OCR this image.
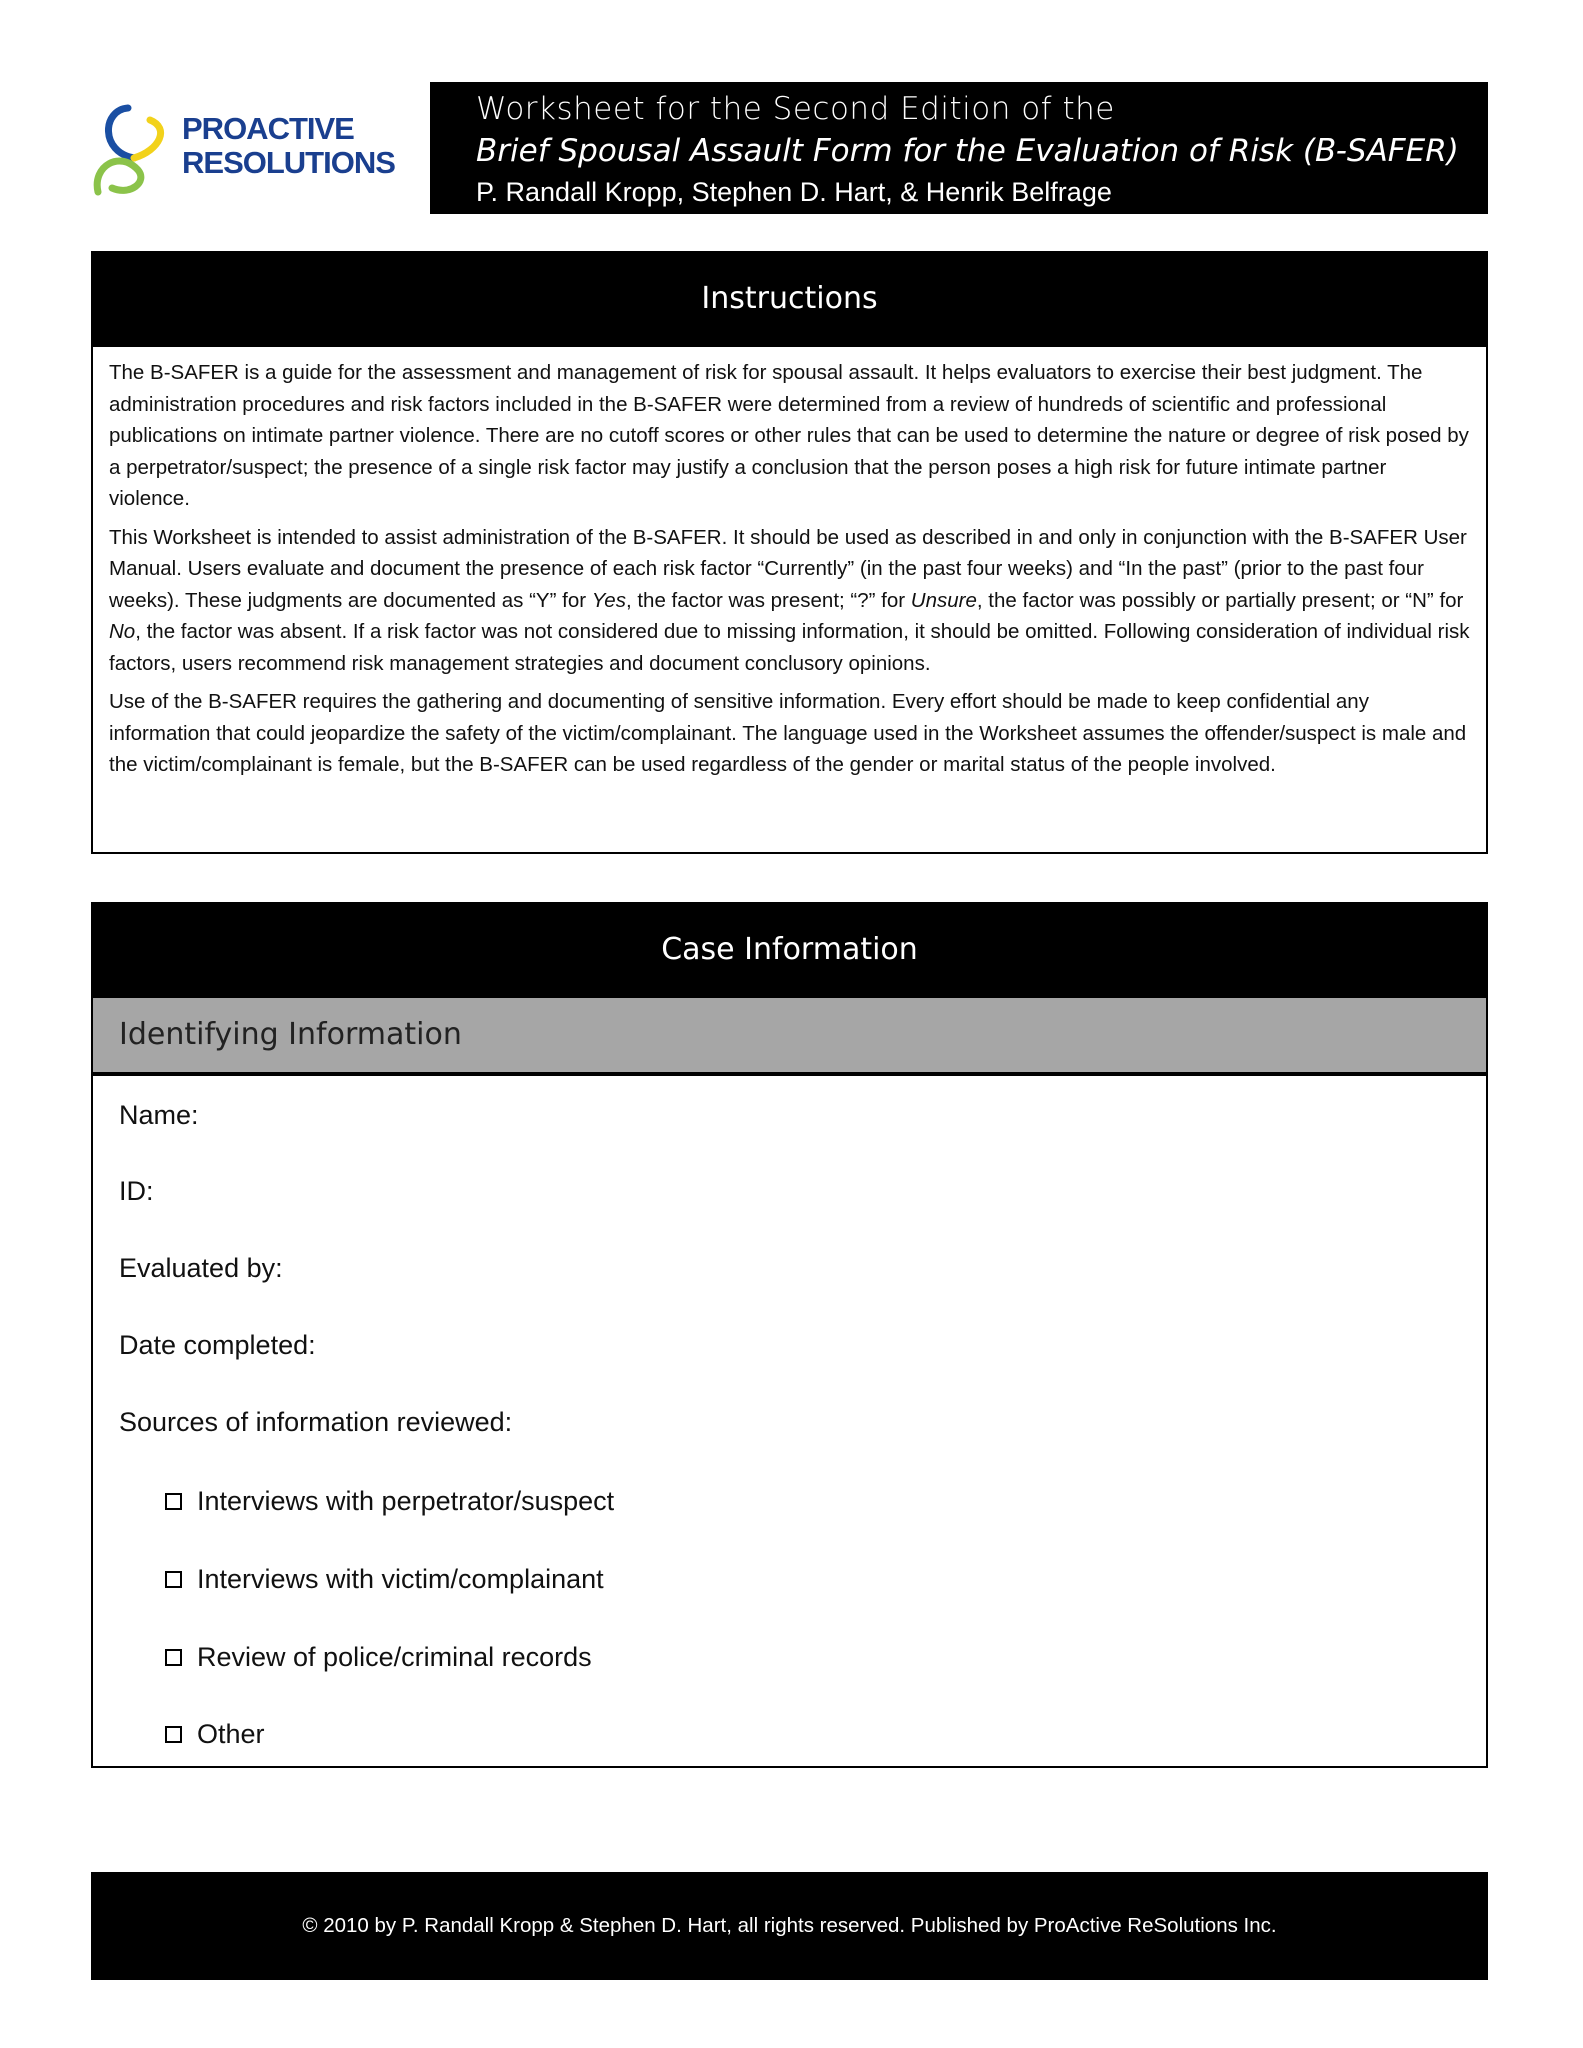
PROACTIVE
RESOLUTIONS
Worksheet for the Second Edition of the
Brief Spousal Assault Form for the Evaluation of Risk (B-SAFER)
P. Randall Kropp, Stephen D. Hart, & Henrik Belfrage
Instructions

The B-SAFER is a guide for the assessment and management of risk for spousal assault. It helps evaluators to exercise their best judgment. The administration procedures and risk factors included in the B-SAFER were determined from a review of hundreds of scientific and professional publications on intimate partner violence. There are no cutoff scores or other rules that can be used to determine the nature or degree of risk posed by a perpetrator/suspect; the presence of a single risk factor may justify a conclusion that the person poses a high risk for future intimate partner violence.

This Worksheet is intended to assist administration of the B-SAFER. It should be used as described in and only in conjunction with the B-SAFER User Manual. Users evaluate and document the presence of each risk factor “Currently” (in the past four weeks) and “In the past” (prior to the past four weeks). These judgments are documented as “Y” for Yes, the factor was present; “?” for Unsure, the factor was possibly or partially present; or “N” for No, the factor was absent. If a risk factor was not considered due to missing information, it should be omitted. Following consideration of individual risk factors, users recommend risk management strategies and document conclusory opinions.

Use of the B-SAFER requires the gathering and documenting of sensitive information. Every effort should be made to keep confidential any information that could jeopardize the safety of the victim/complainant. The language used in the Worksheet assumes the offender/suspect is male and the victim/complainant is female, but the B-SAFER can be used regardless of the gender or marital status of the people involved.

Case Information
Identifying Information
Name:
ID:
Evaluated by:
Date completed:
Sources of information reviewed:
Interviews with perpetrator/suspect
Interviews with victim/complainant
Review of police/criminal records
Other
© 2010 by P. Randall Kropp & Stephen D. Hart, all rights reserved. Published by ProActive ReSolutions Inc.
